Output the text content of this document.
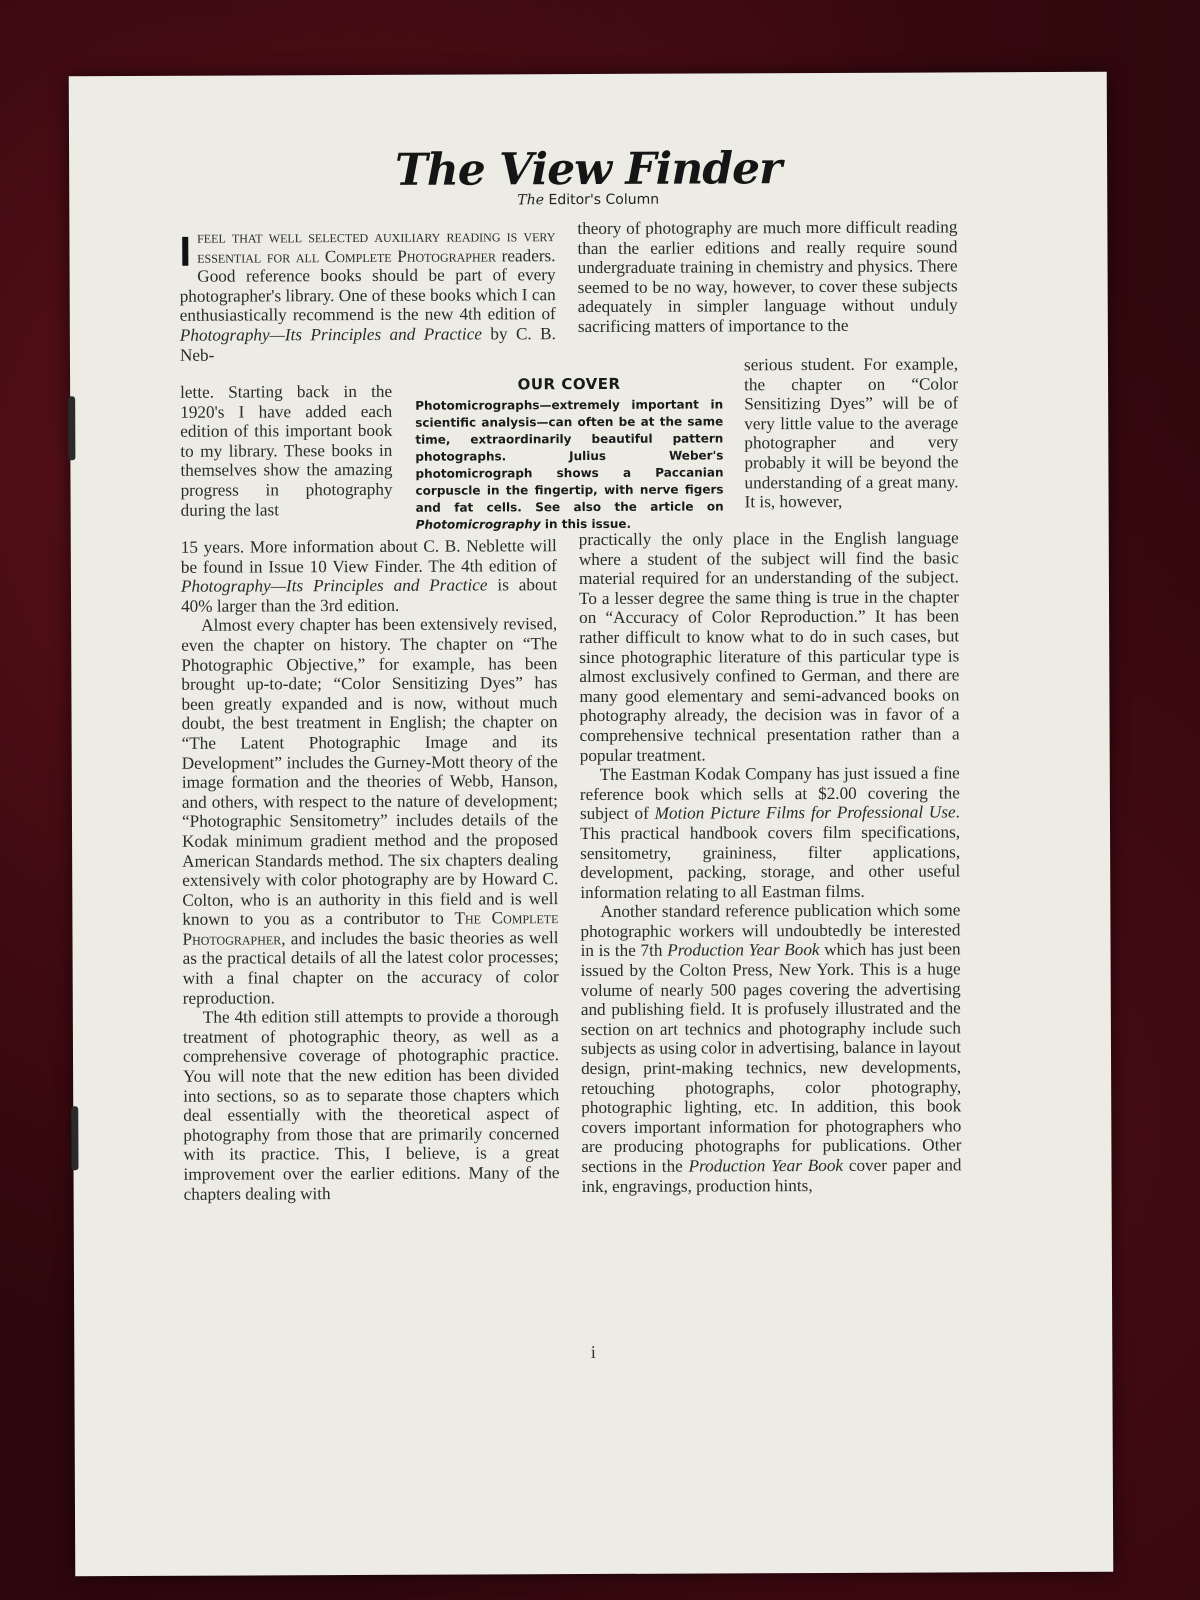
The View Finder
The Editor's Column

Ifeel that well selected auxiliary reading is very essential for all Complete Photographer readers. Good reference books should be part of every photographer's library. One of these books which I can enthusiastically recommend is the new 4th edition of Photography—Its Principles and Practice by C. B. Neb-

lette. Starting back in the 1920's I have added each edition of this important book to my library. These books in themselves show the amazing progress in photography during the last

15 years. More information about C. B. Neblette will be found in Issue 10 View Finder. The 4th edition of Photography—Its Principles and Practice is about 40% larger than the 3rd edition.

Almost every chapter has been extensively revised, even the chapter on history. The chapter on “The Photographic Objective,” for example, has been brought up-to-date; “Color Sensitizing Dyes” has been greatly expanded and is now, without much doubt, the best treatment in English; the chapter on “The Latent Photographic Image and its Development” includes the Gurney-Mott theory of the image formation and the theories of Webb, Hanson, and others, with respect to the nature of development; “Photographic Sensitometry” includes details of the Kodak minimum gradient method and the proposed American Standards method. The six chapters dealing extensively with color photography are by Howard C. Colton, who is an authority in this field and is well known to you as a contributor to The Complete Photographer, and includes the basic theories as well as the practical details of all the latest color processes; with a final chapter on the accuracy of color reproduction.

The 4th edition still attempts to provide a thorough treatment of photographic theory, as well as a comprehensive coverage of photographic practice. You will note that the new edition has been divided into sections, so as to separate those chapters which deal essentially with the theoretical aspect of photography from those that are primarily concerned with its practice. This, I believe, is a great improvement over the earlier editions. Many of the chapters dealing with

OUR COVER
Photomicrographs—extremely important in scientific analysis—can often be at the same time, extraordinarily beautiful pattern photographs. Julius Weber's photomicrograph shows a Paccanian corpuscle in the fingertip, with nerve figers and fat cells. See also the article on Photomicrography in this issue.

theory of photography are much more difficult reading than the earlier editions and really require sound undergraduate training in chemistry and physics. There seemed to be no way, however, to cover these subjects adequately in simpler language without unduly sacrificing matters of importance to the

serious student. For example, the chapter on “Color Sensitizing Dyes” will be of very little value to the average photographer and very probably it will be beyond the understanding of a great many. It is, however,

practically the only place in the English language where a student of the subject will find the basic material required for an understanding of the subject. To a lesser degree the same thing is true in the chapter on “Accuracy of Color Reproduction.” It has been rather difficult to know what to do in such cases, but since photographic literature of this particular type is almost exclusively confined to German, and there are many good elementary and semi-advanced books on photography already, the decision was in favor of a comprehensive technical presentation rather than a popular treatment.

The Eastman Kodak Company has just issued a fine reference book which sells at $2.00 covering the subject of Motion Picture Films for Professional Use. This practical handbook covers film specifications, sensitometry, graininess, filter applications, development, packing, storage, and other useful information relating to all Eastman films.

Another standard reference publication which some photographic workers will undoubtedly be interested in is the 7th Production Year Book which has just been issued by the Colton Press, New York. This is a huge volume of nearly 500 pages covering the advertising and publishing field. It is profusely illustrated and the section on art technics and photography include such subjects as using color in advertising, balance in layout design, print-making technics, new developments, retouching photographs, color photography, photographic lighting, etc. In addition, this book covers important information for photographers who are producing photographs for publications. Other sections in the Production Year Book cover paper and ink, engravings, production hints,

i
